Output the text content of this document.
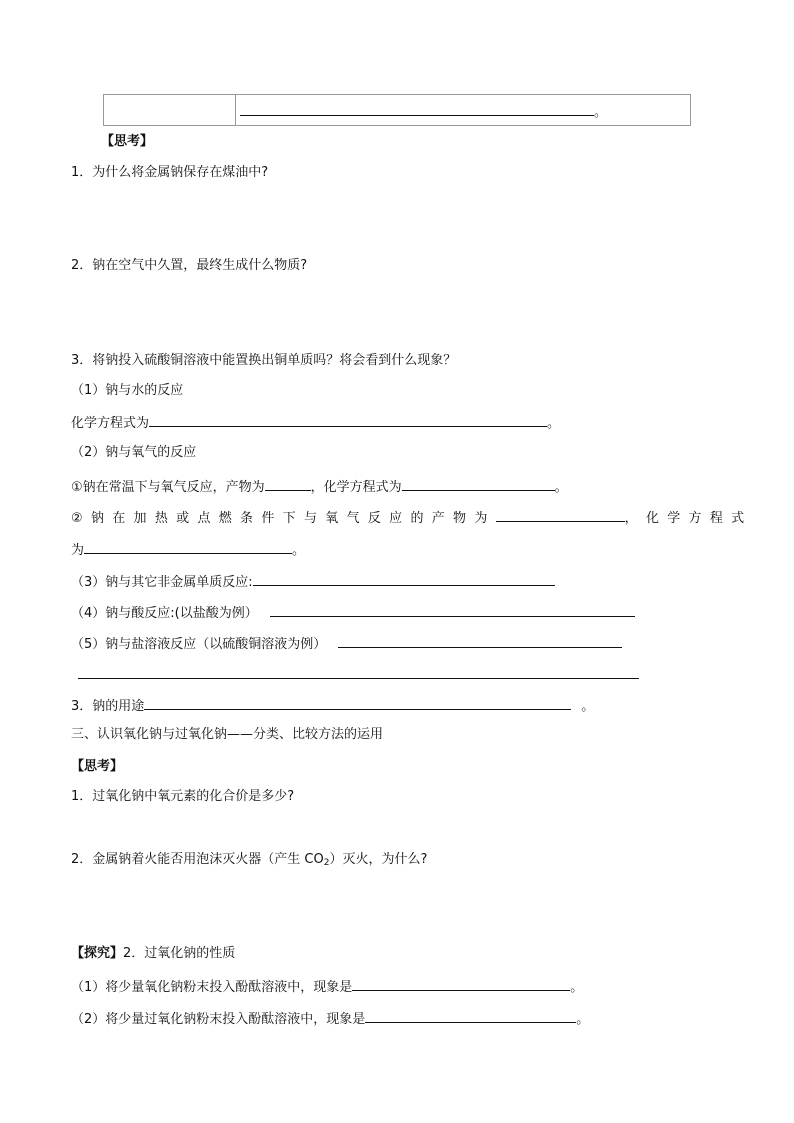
	。
【思考】
1．为什么将金属钠保存在煤油中?
2．钠在空气中久置，最终生成什么物质?
3．将钠投入硫酸铜溶液中能置换出铜单质吗？将会看到什么现象？
（1）钠与水的反应
化学方程式为	。
（2）钠与氧气的反应
①钠在常温下与氧气反应，产物为	，化学方程式为	。
②钠在加热或点燃条件下与氧气反应的产物为	，化学方程式
为	。
（3）钠与其它非金属单质反应:
（4）钠与酸反应:(以盐酸为例）
（5）钠与盐溶液反应（以硫酸铜溶液为例）
3．钠的用途	。
三、认识氧化钠与过氧化钠——分类、比较方法的运用
【思考】
1．过氧化钠中氧元素的化合价是多少?
2．金属钠着火能否用泡沫灭火器（产生 $CO_2$）灭火，为什么?
【探究】2．过氧化钠的性质
（1）将少量氧化钠粉末投入酚酞溶液中，现象是	。
（2）将少量过氧化钠粉末投入酚酞溶液中，现象是	。
